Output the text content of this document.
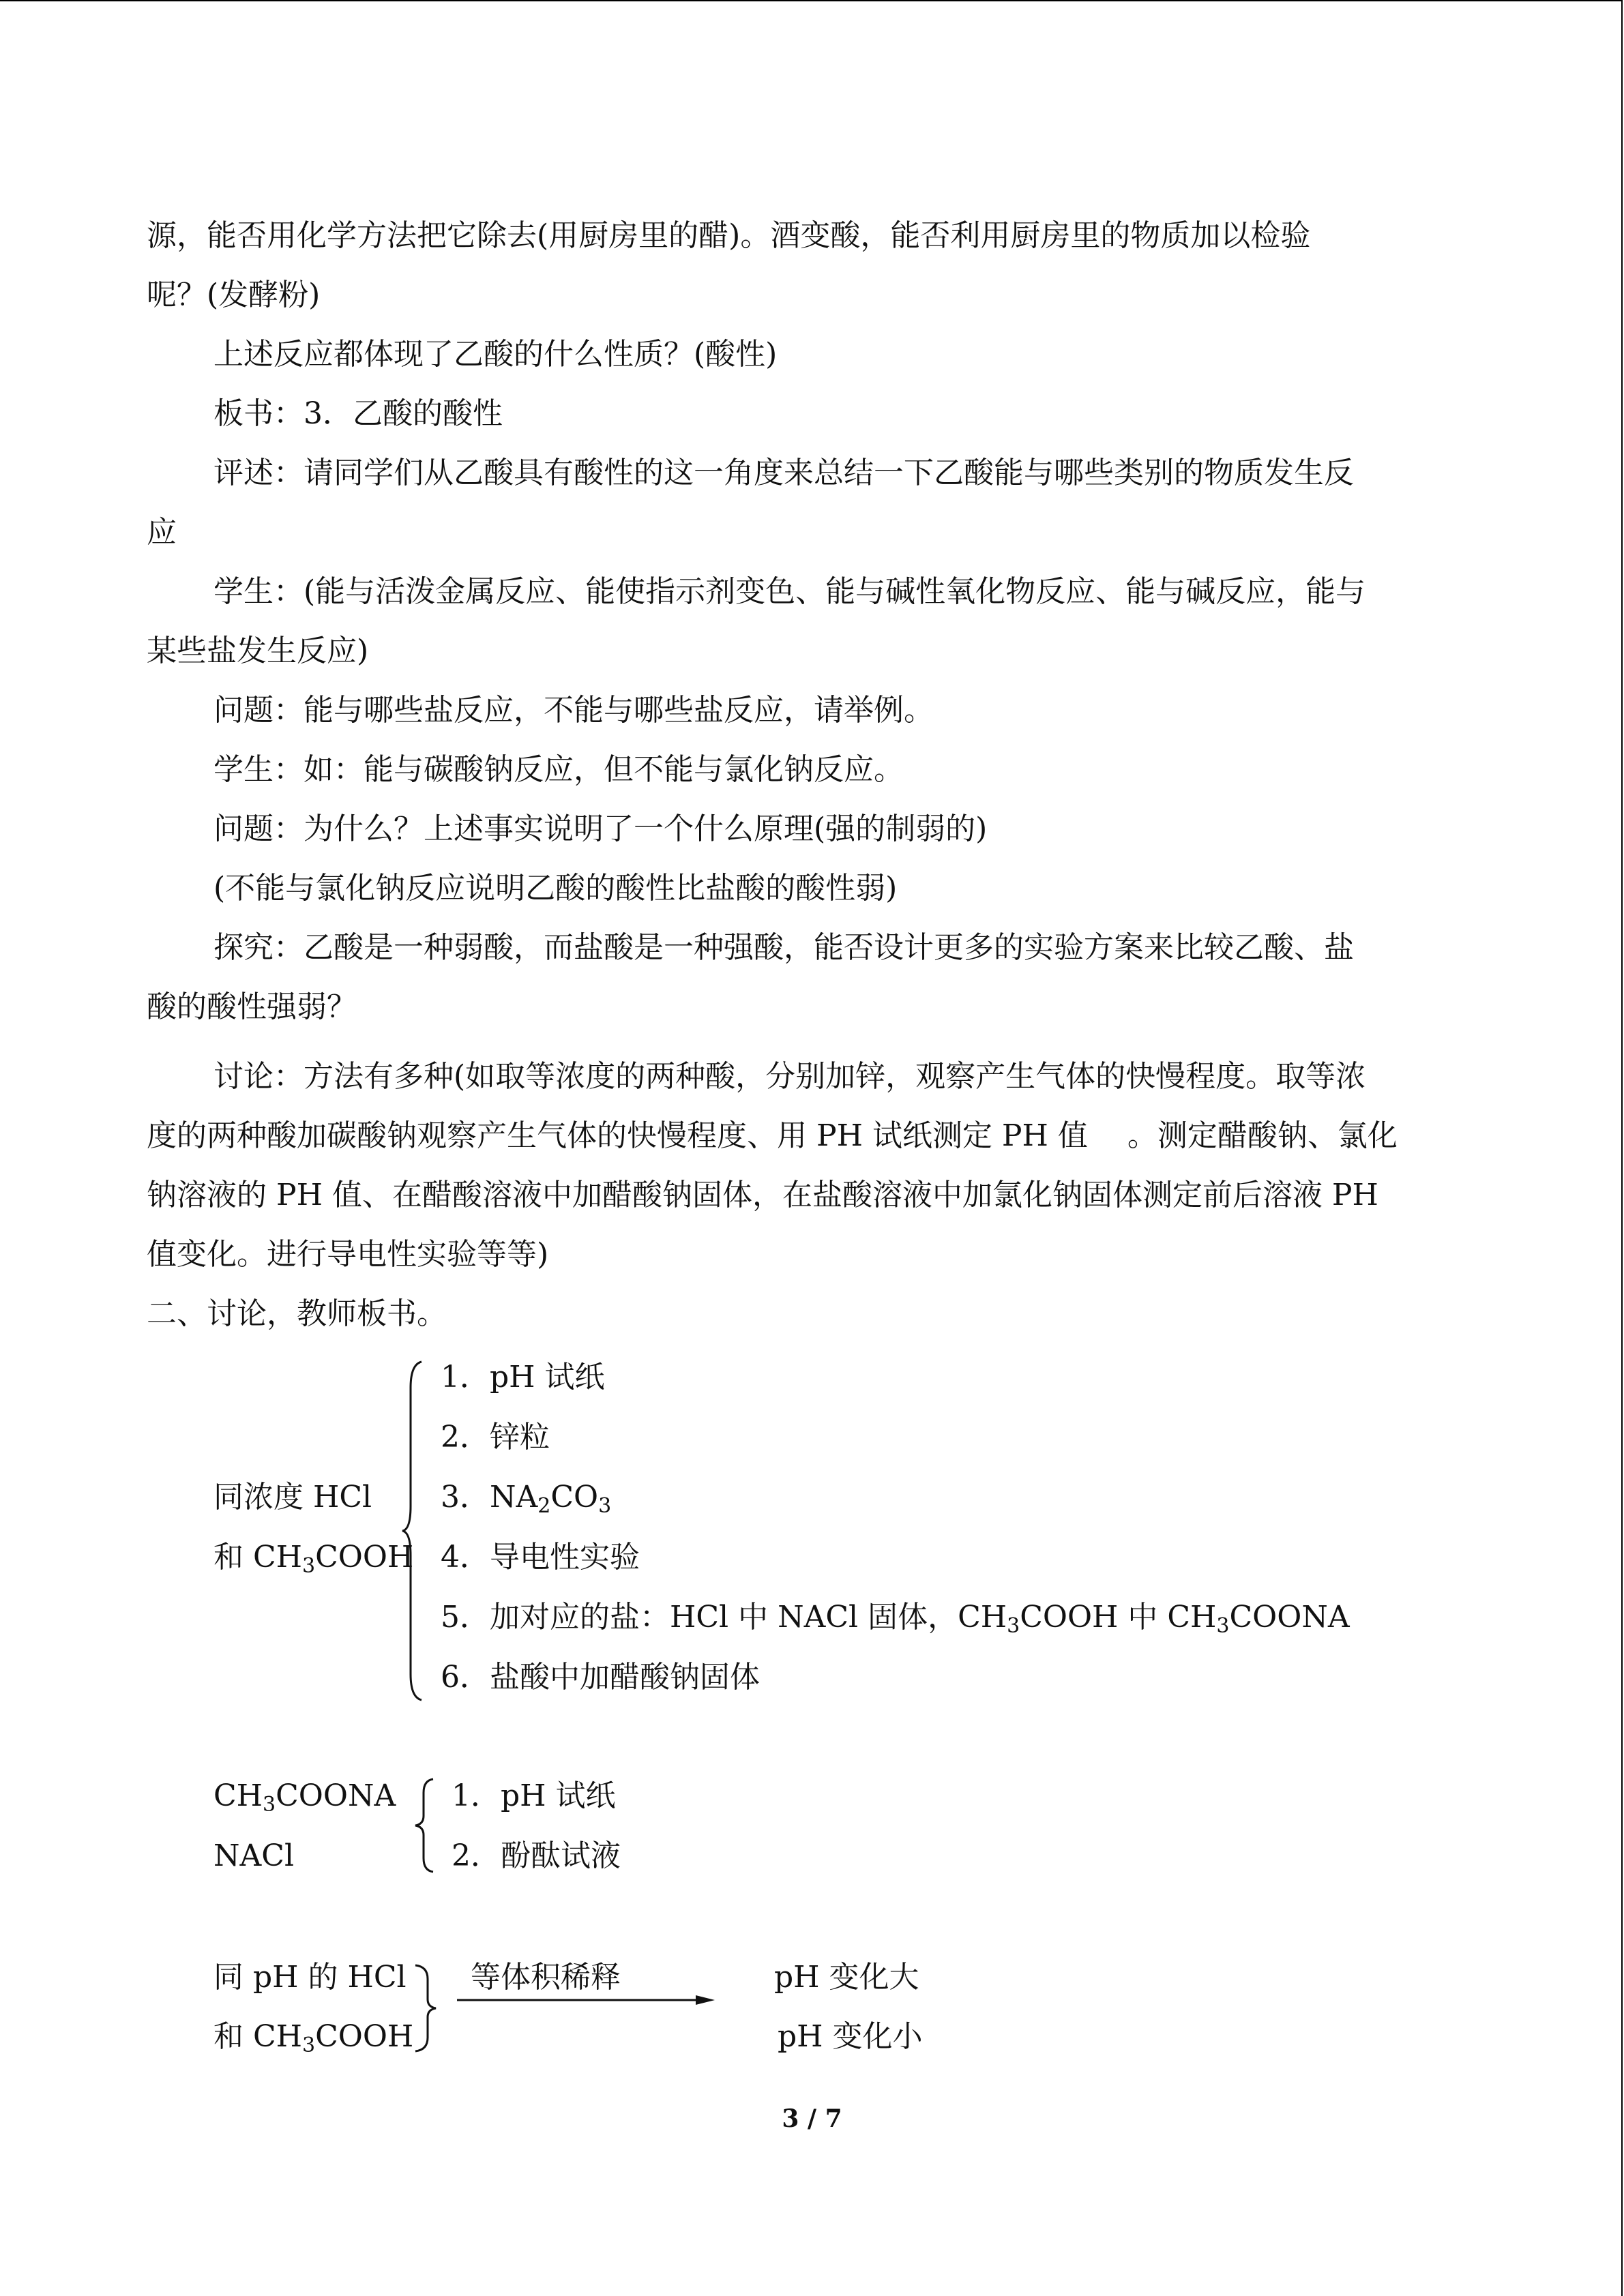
源，能否用化学方法把它除去(用厨房里的醋)。酒变酸，能否利用厨房里的物质加以检验
呢？(发酵粉)
上述反应都体现了乙酸的什么性质？(酸性)
板书：3．乙酸的酸性
评述：请同学们从乙酸具有酸性的这一角度来总结一下乙酸能与哪些类别的物质发生反
应
学生：(能与活泼金属反应、能使指示剂变色、能与碱性氧化物反应、能与碱反应，能与
某些盐发生反应)
问题：能与哪些盐反应，不能与哪些盐反应，请举例。
学生：如：能与碳酸钠反应，但不能与氯化钠反应。
问题：为什么？上述事实说明了一个什么原理(强的制弱的)
(不能与氯化钠反应说明乙酸的酸性比盐酸的酸性弱)
探究：乙酸是一种弱酸，而盐酸是一种强酸，能否设计更多的实验方案来比较乙酸、盐
酸的酸性强弱？
讨论：方法有多种(如取等浓度的两种酸，分别加锌，观察产生气体的快慢程度。取等浓
度的两种酸加碳酸钠观察产生气体的快慢程度、用 PH 试纸测定 PH 值 　。测定醋酸钠、氯化
钠溶液的 PH 值、在醋酸溶液中加醋酸钠固体，在盐酸溶液中加氯化钠固体测定前后溶液 PH
值变化。进行导电性实验等等)
二、讨论，教师板书。
同浓度 HCl
和 $CH_3COOH$
1．pH 试纸
2．锌粒
3．$NA_2CO_3$
4．导电性实验
5．加对应的盐：HCl 中 NACl 固体，$CH_3COOH$ 中 $CH_3COONA$
6．盐酸中加醋酸钠固体
$CH_3COONA$
NACl
1．pH 试纸
2．酚酞试液
同 pH 的 HCl
和 $CH_3COOH$
等体积稀释	pH 变化大
pH 变化小
3 / 7
